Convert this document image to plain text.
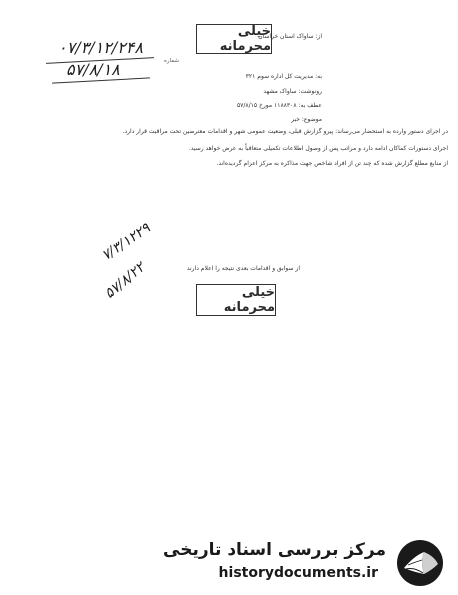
خیلی محرمانه
۰۷/۳/۱۲/۲۴۸
۵۷/۸/۱۸	شماره
از: ساواک استان خراسان
به: مدیریت کل اداره سوم ۳۲۱
رونوشت: ساواک مشهد
عطف به: ۱۱۸۸۳۰۸ مورخ ۵۷/۸/۱۵
موضوع: خبر
در اجرای دستور وارده به استحضار می‌رساند: پیرو گزارش قبلی، وضعیت عمومی شهر و اقدامات معترضین تحت مراقبت قرار دارد.
اجرای دستورات کماکان ادامه دارد و مراتب پس از وصول اطلاعات تکمیلی متعاقباً به عرض خواهد رسید.
از منابع مطلع گزارش شده که چند تن از افراد شاخص جهت مذاکره به مرکز اعزام گردیده‌اند.
از سوابق و اقدامات بعدی نتیجه را اعلام دارند
۷/۳/۱۲۲۹
۵۷/۸/۲۲	خیلی محرمانه
مرکز بررسی اسناد تاریخی
historydocuments.ir
